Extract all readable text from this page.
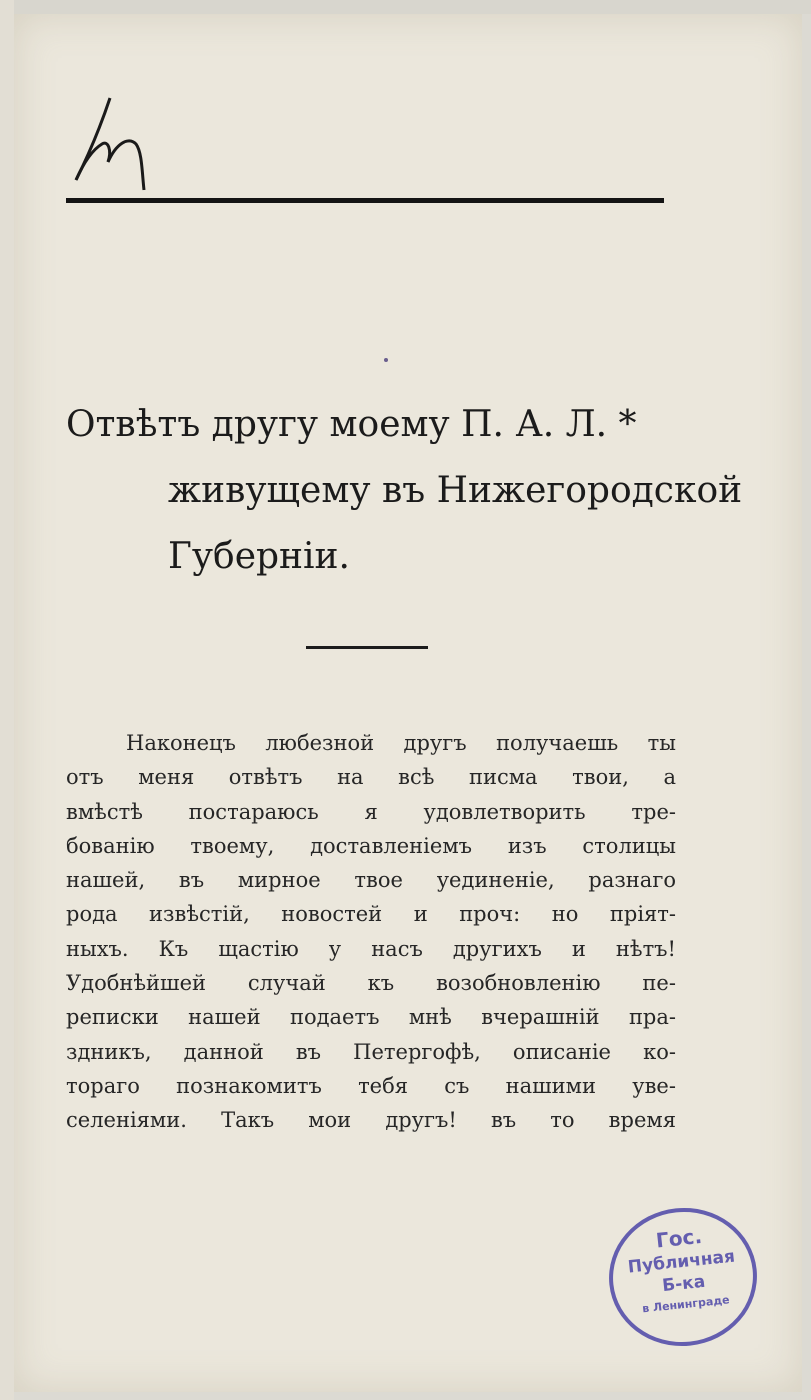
Отвѣтъ другу моему П. А. Л. *
живущему въ Нижегородской
Губерніи.
Наконецъ любезной другъ получаешь ты
отъ меня отвѣтъ на всѣ писма твои, а
вмѣстѣ постараюсь я удовлетворить тре-
бованію твоему, доставленіемъ изъ столицы
нашей, въ мирное твое уединеніе, разнаго
рода извѣстій, новостей и проч: но пріят-
ныхъ. Къ щастію у насъ другихъ и нѣтъ!
Удобнѣйшей случай къ возобновленію пе-
реписки нашей подаетъ мнѣ вчерашній пра-
здникъ, данной въ Петергофѣ, описаніе ко-
тораго познакомитъ тебя съ нашими увe-
селеніями. Такъ мои другъ! въ то время
Гос.
Публичная
Б-ка
в Ленинграде
